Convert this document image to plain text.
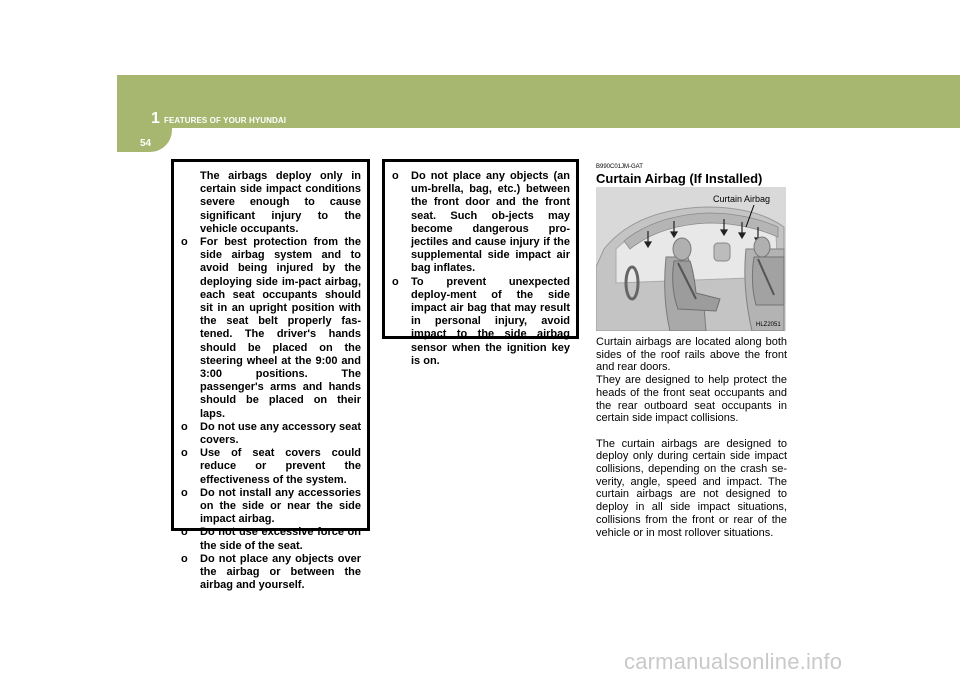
1 FEATURES OF YOUR HYUNDAI
54

The airbags deploy only in certain side impact conditions severe enough to cause significant injury to the vehicle occupants.

o For best protection from the side airbag system and to avoid being injured by the deploying side im-pact airbag, each seat occupants should sit in an upright position with the seat belt properly fas-tened. The driver's hands should be placed on the steering wheel at the 9:00 and 3:00 positions. The passenger's arms and hands should be placed on their laps.
o Do not use any accessory seat covers.
o Use of seat covers could reduce or prevent the effectiveness of the system.
o Do not install any accessories on the side or near the side impact airbag.
o Do not use excessive force on the side of the seat.
o Do not place any objects over the airbag or between the airbag and yourself.
o Do not place any objects (an um-brella, bag, etc.) between the front door and the front seat. Such ob-jects may become dangerous pro-jectiles and cause injury if the supplemental side impact air bag inflates.
o To prevent unexpected deploy-ment of the side impact air bag that may result in personal injury, avoid impact to the side airbag sensor when the ignition key is on.
B990C01JM-GAT
Curtain Airbag (If Installed)
Curtain Airbag
HLZ2051

Curtain airbags are located along both sides of the roof rails above the front and rear doors.

They are designed to help protect the heads of the front seat occupants and the rear outboard seat occupants in certain side impact collisions.

The curtain airbags are designed to deploy only during certain side impact collisions, depending on the crash se-verity, angle, speed and impact. The curtain airbags are not designed to deploy in all side impact situations, collisions from the front or rear of the vehicle or in most rollover situations.

carmanualsonline.info
